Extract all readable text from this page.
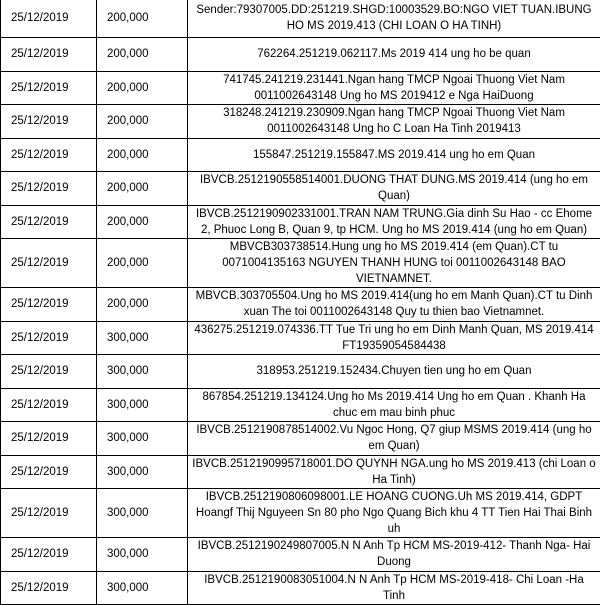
25/12/2019	200,000	Sender:79307005.DD:251219.SHGD:10003529.BO:NGO VIET TUAN.IBUNG HO MS 2019.413 (CHI LOAN O HA TINH)
25/12/2019	200,000	762264.251219.062117.Ms 2019 414 ung ho be quan
25/12/2019	200,000	741745.241219.231441.Ngan hang TMCP Ngoai Thuong Viet Nam 0011002643148 Ung ho MS 2019412 e Nga HaiDuong
25/12/2019	200,000	318248.241219.230909.Ngan hang TMCP Ngoai Thuong Viet Nam 0011002643148 Ung ho C Loan Ha Tinh 2019413
25/12/2019	200,000	155847.251219.155847.MS 2019.414 ung ho em Quan
25/12/2019	200,000	IBVCB.2512190558514001.DUONG THAT DUNG.MS 2019.414 (ung ho em Quan)
25/12/2019	200,000	IBVCB.2512190902331001.TRAN NAM TRUNG.Gia dinh Su Hao - cc Ehome 2, Phuoc Long B, Quan 9, tp HCM. Ung ho MS 2019.414 (ung ho em Quan)
25/12/2019	200,000	MBVCB303738514.Hung ung ho MS 2019.414 (em Quan).CT tu 0071004135163 NGUYEN THANH HUNG toi 0011002643148 BAO VIETNAMNET.
25/12/2019	200,000	MBVCB.303705504.Ung ho MS 2019.414(ung ho em Manh Quan).CT tu Dinh xuan The toi 0011002643148 Quy tu thien bao Vietnamnet.
25/12/2019	300,000	436275.251219.074336.TT Tue Tri ung ho em Dinh Manh Quan, MS 2019.414 FT19359054584438
25/12/2019	300,000	318953.251219.152434.Chuyen tien ung ho em Quan
25/12/2019	300,000	867854.251219.134124.Ung ho Ms 2019.414 Ung ho em Quan . Khanh Ha chuc em mau binh phuc
25/12/2019	300,000	IBVCB.2512190878514002.Vu Ngoc Hong, Q7 giup MSMS 2019.414 (ung ho em Quan)
25/12/2019	300,000	IBVCB.2512190995718001.DO QUYNH NGA.ung ho MS 2019.413 (chi Loan o Ha Tinh)
25/12/2019	300,000	IBVCB.2512190806098001.LE HOANG CUONG.Uh MS 2019.414, GDPT Hoangf Thij Nguyeen Sn 80 pho Ngo Quang Bich khu 4 TT Tien Hai Thai Binh uh
25/12/2019	300,000	IBVCB.2512190249807005.N N Anh Tp HCM MS-2019-412- Thanh Nga- Hai Duong
25/12/2019	300,000	IBVCB.2512190083051004.N N Anh Tp HCM MS-2019-418- Chi Loan -Ha Tinh
